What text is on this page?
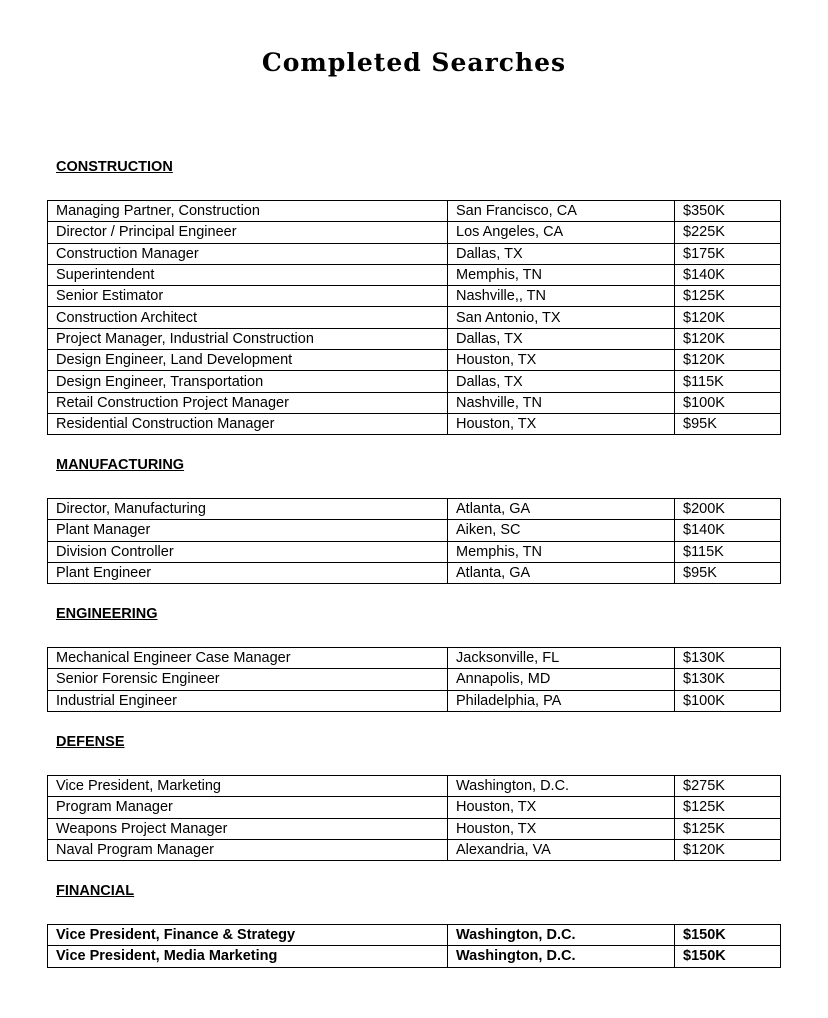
Completed Searches
CONSTRUCTION
Managing Partner, Construction	San Francisco, CA	$350K
Director / Principal Engineer	Los Angeles, CA	$225K
Construction Manager	Dallas, TX	$175K
Superintendent	Memphis, TN	$140K
Senior Estimator	Nashville,, TN	$125K
Construction Architect	San Antonio, TX	$120K
Project Manager, Industrial Construction	Dallas, TX	$120K
Design Engineer, Land Development	Houston, TX	$120K
Design Engineer, Transportation	Dallas, TX	$115K
Retail Construction Project Manager	Nashville, TN	$100K
Residential Construction Manager	Houston, TX	$95K
MANUFACTURING
Director, Manufacturing	Atlanta, GA	$200K
Plant Manager	Aiken, SC	$140K
Division Controller	Memphis, TN	$115K
Plant Engineer	Atlanta, GA	$95K
ENGINEERING
Mechanical Engineer Case Manager	Jacksonville, FL	$130K
Senior Forensic Engineer	Annapolis, MD	$130K
Industrial Engineer	Philadelphia, PA	$100K
DEFENSE
Vice President, Marketing	Washington, D.C.	$275K
Program Manager	Houston, TX	$125K
Weapons Project Manager	Houston, TX	$125K
Naval Program Manager	Alexandria, VA	$120K
FINANCIAL
Vice President, Finance & Strategy	Washington, D.C.	$150K
Vice President, Media Marketing	Washington, D.C.	$150K
